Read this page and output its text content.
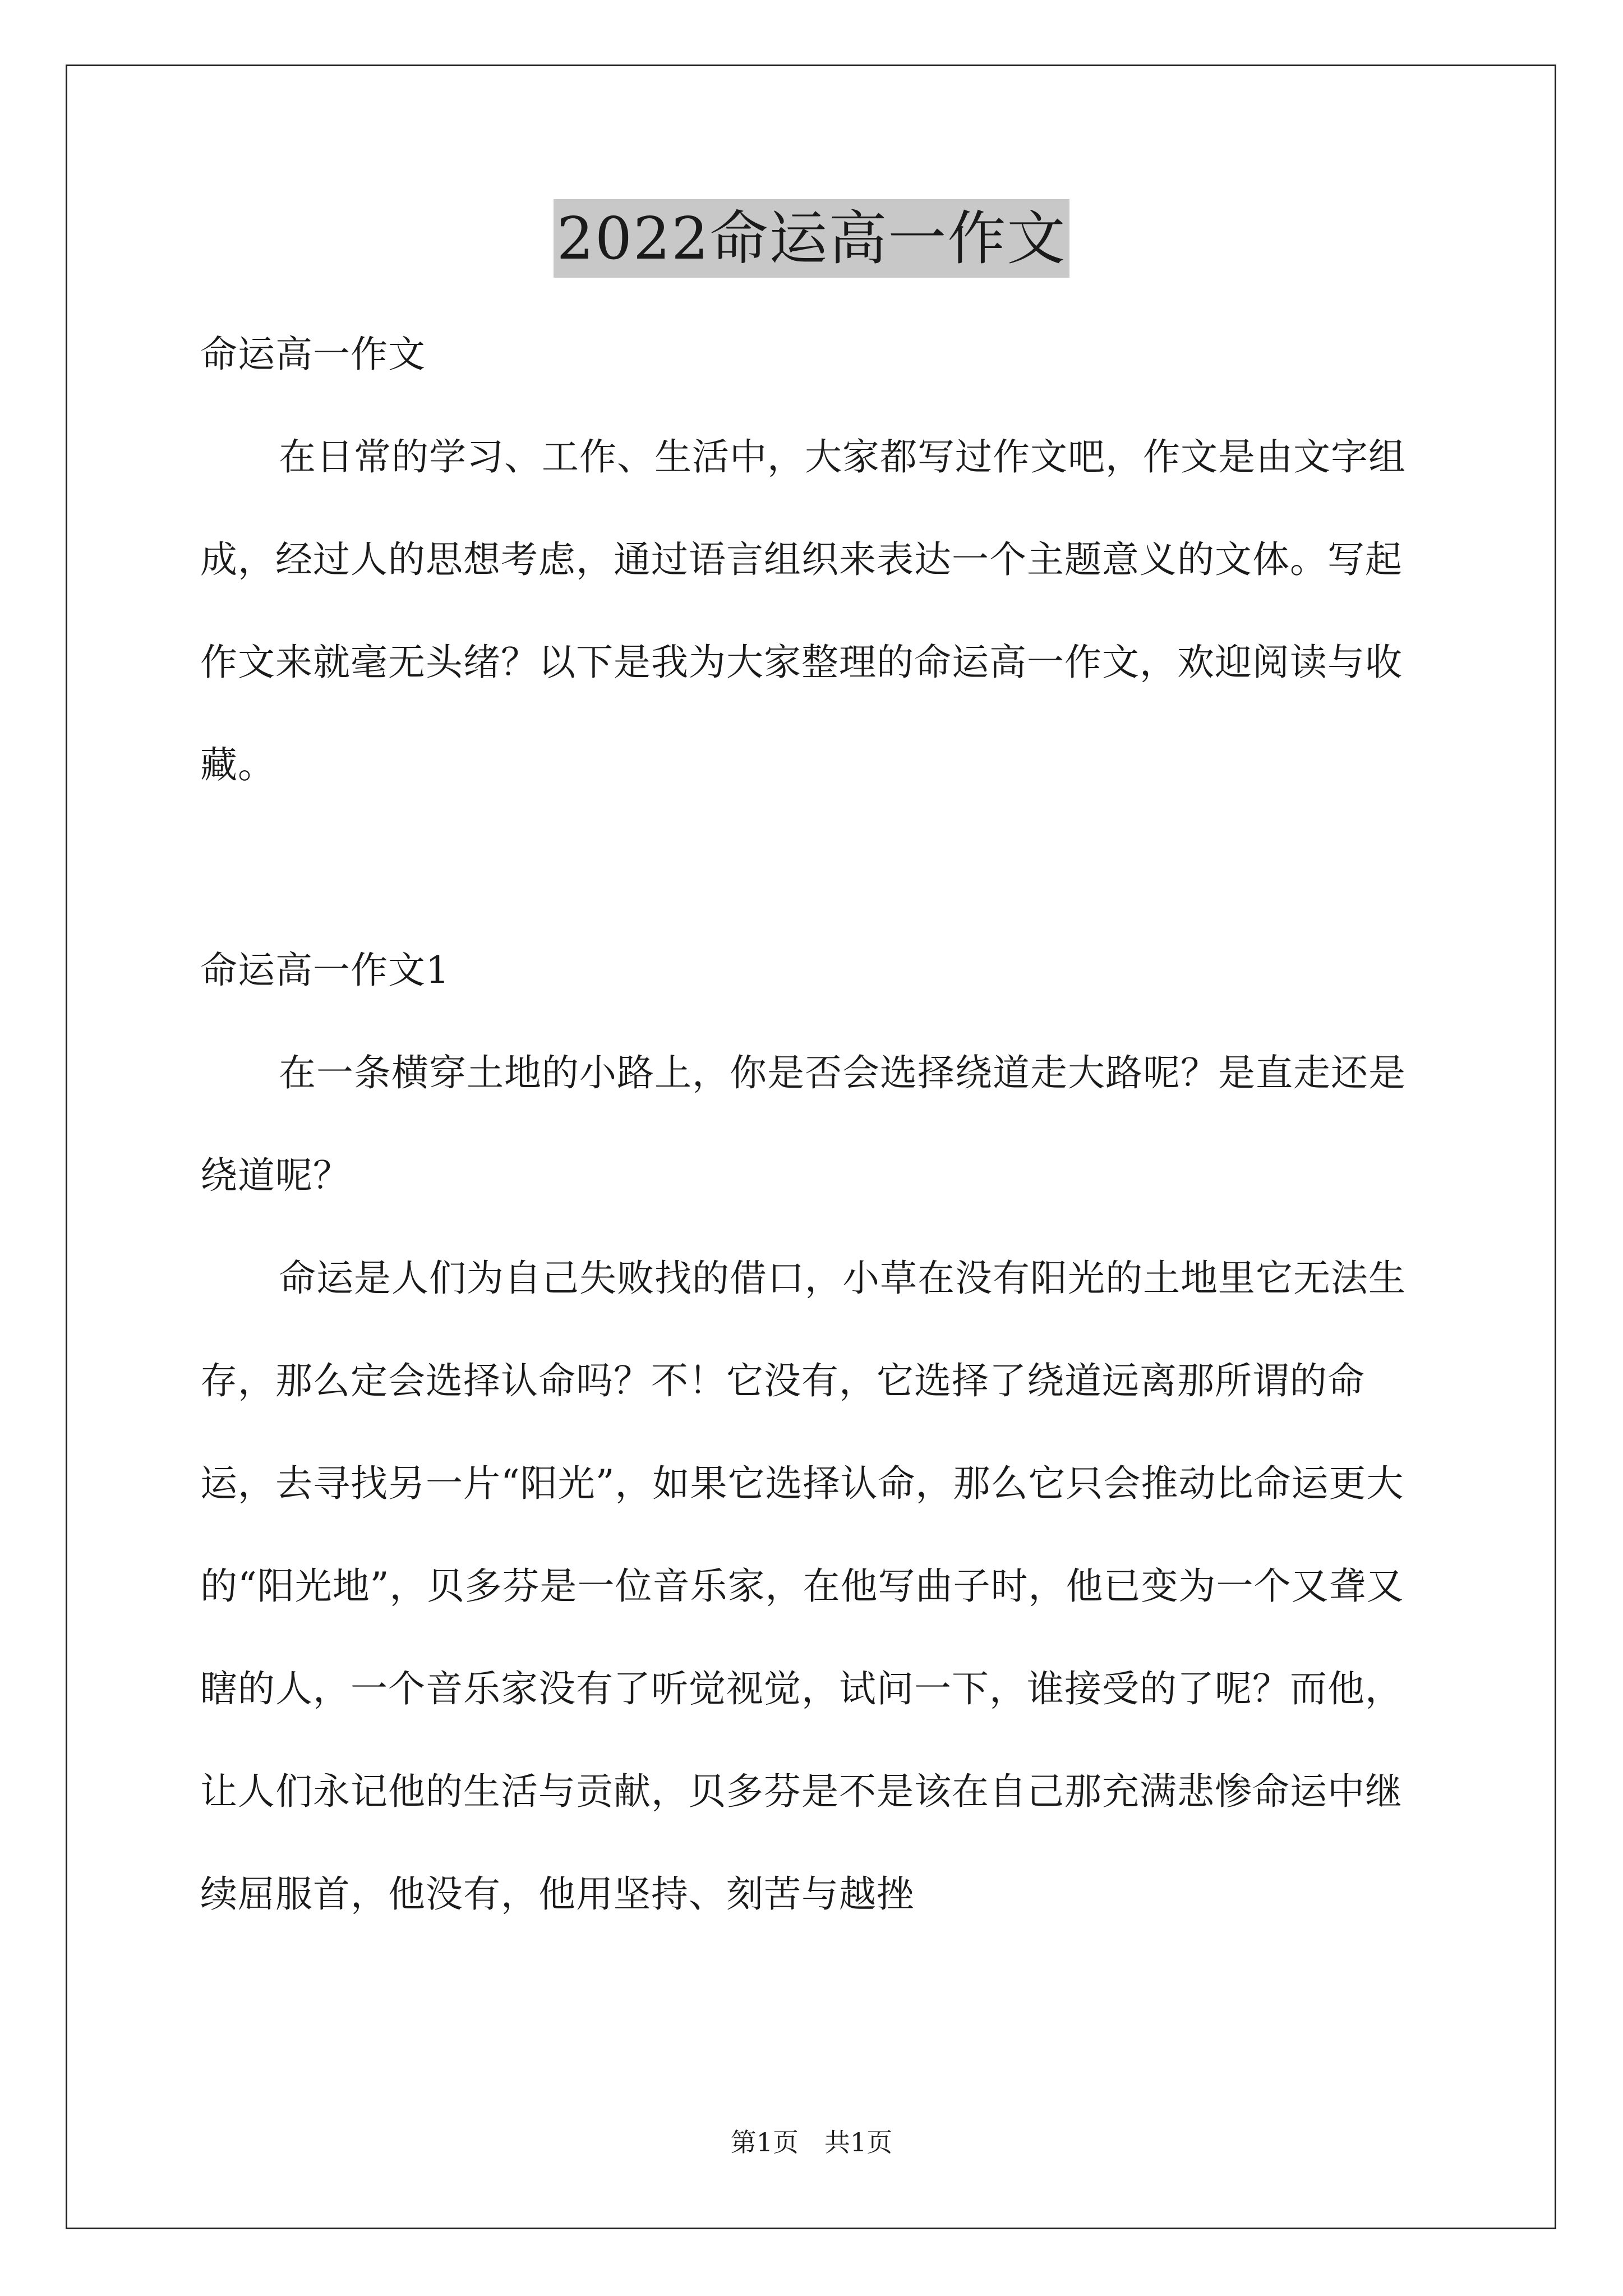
2022命运高一作文

命运高一作文

在日常的学习、工作、生活中，大家都写过作文吧，作文是由文字组成，经过人的思想考虑，通过语言组织来表达一个主题意义的文体。写起作文来就毫无头绪？以下是我为大家整理的命运高一作文，欢迎阅读与收藏。

命运高一作文1

在一条横穿土地的小路上，你是否会选择绕道走大路呢？是直走还是绕道呢？

命运是人们为自己失败找的借口，小草在没有阳光的土地里它无法生存，那么定会选择认命吗？不！它没有，它选择了绕道远离那所谓的命运，去寻找另一片“阳光”，如果它选择认命，那么它只会推动比命运更大的“阳光地”，贝多芬是一位音乐家，在他写曲子时，他已变为一个又聋又瞎的人，一个音乐家没有了听觉视觉，试问一下，谁接受的了呢？而他，让人们永记他的生活与贡献，贝多芬是不是该在自己那充满悲惨命运中继续屈服首，他没有，他用坚持、刻苦与越挫

第1页　共1页
